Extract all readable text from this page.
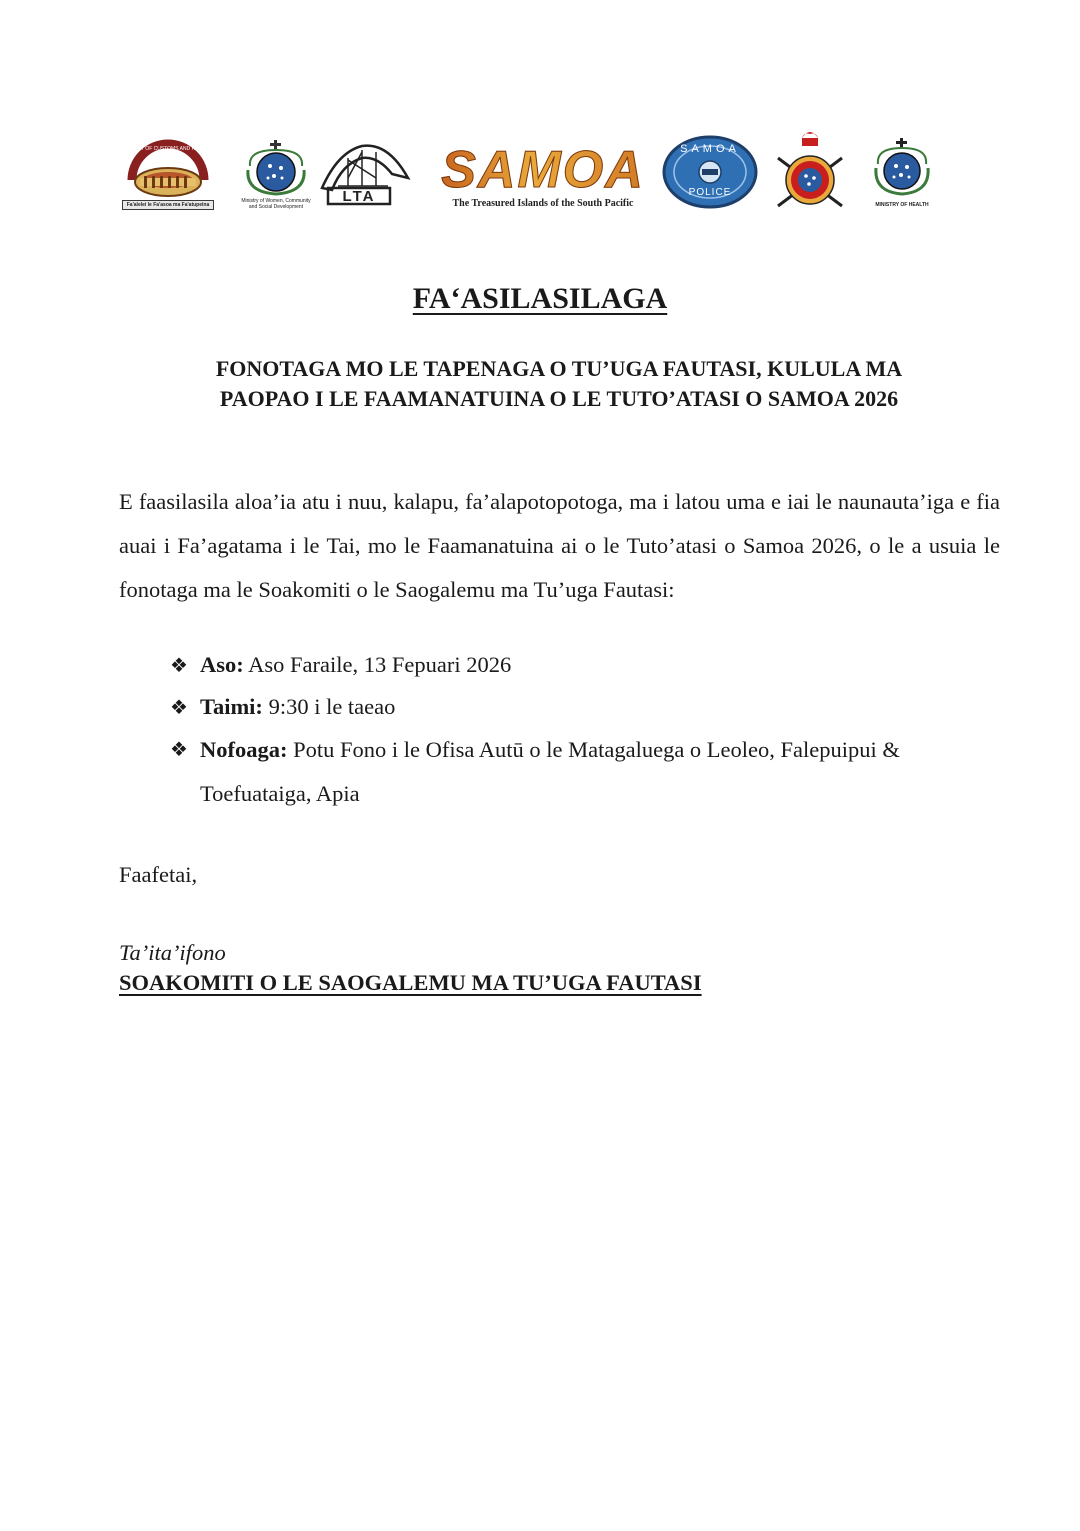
MINISTRY OF CUSTOMS AND REVENUE
Fa'alelei le Fa'asoa ma Fa'atupeina
Ministry of Women, Community
and Social Development
LTA SAMOA
The Treasured Islands of the South Pacific
SAMOA
POLICE
MINISTRY OF HEALTH
FA‘ASILASILAGA
FONOTAGA MO LE TAPENAGA O TU’UGA FAUTASI, KULULA MA
PAOPAO I LE FAAMANATUINA O LE TUTO’ATASI O SAMOA 2026
E faasilasila aloa’ia atu i nuu, kalapu, fa’alapotopotoga, ma i latou uma e iai le naunauta’iga e fia auai i Fa’agatama i le Tai, mo le Faamanatuina ai o le Tuto’atasi o Samoa 2026, o le a usuia le fonotaga ma le Soakomiti o le Saogalemu ma Tu’uga Fautasi:
❖ Aso: Aso Faraile, 13 Fepuari 2026
❖ Taimi: 9:30 i le taeao
❖ Nofoaga: Potu Fono i le Ofisa Autū o le Matagaluega o Leoleo, Falepuipui &
Toefuataiga, Apia
Faafetai,
Ta’ita’ifono
SOAKOMITI O LE SAOGALEMU MA TU’UGA FAUTASI
